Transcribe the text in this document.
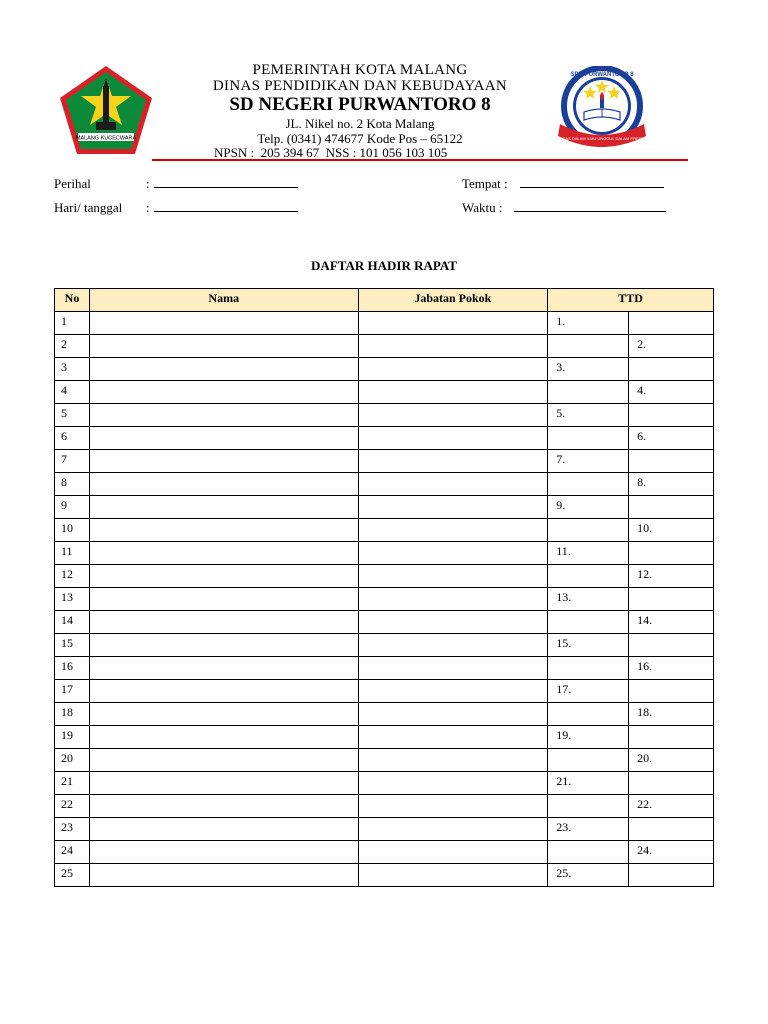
MALANG KUCECWARA
PEMERINTAH KOTA MALANG
DINAS PENDIDIKAN DAN KEBUDAYAAN
SD NEGERI PURWANTORO 8
JL. Nikel no. 2 Kota Malang
Telp. (0341) 474677 Kode Pos – 65122
NPSN :  205 394 67  NSS : 101 056 103 105
CERDAS DALAM ILMU UNGGUL DALAM PRESTASI
SDN PURWANTORO 8
Perihal	:
Hari/ tanggal :
Tempat :
Waktu :
DAFTAR HADIR RAPAT
No	Nama	Jabatan Pokok	TTD	
1			1.	
2				2.
3			3.	
4				4.
5			5.	
6				6.
7			7.	
8				8.
9			9.	
10				10.
11			11.	
12				12.
13			13.	
14				14.
15			15.	
16				16.
17			17.	
18				18.
19			19.	
20				20.
21			21.	
22				22.
23			23.	
24				24.
25			25.	
